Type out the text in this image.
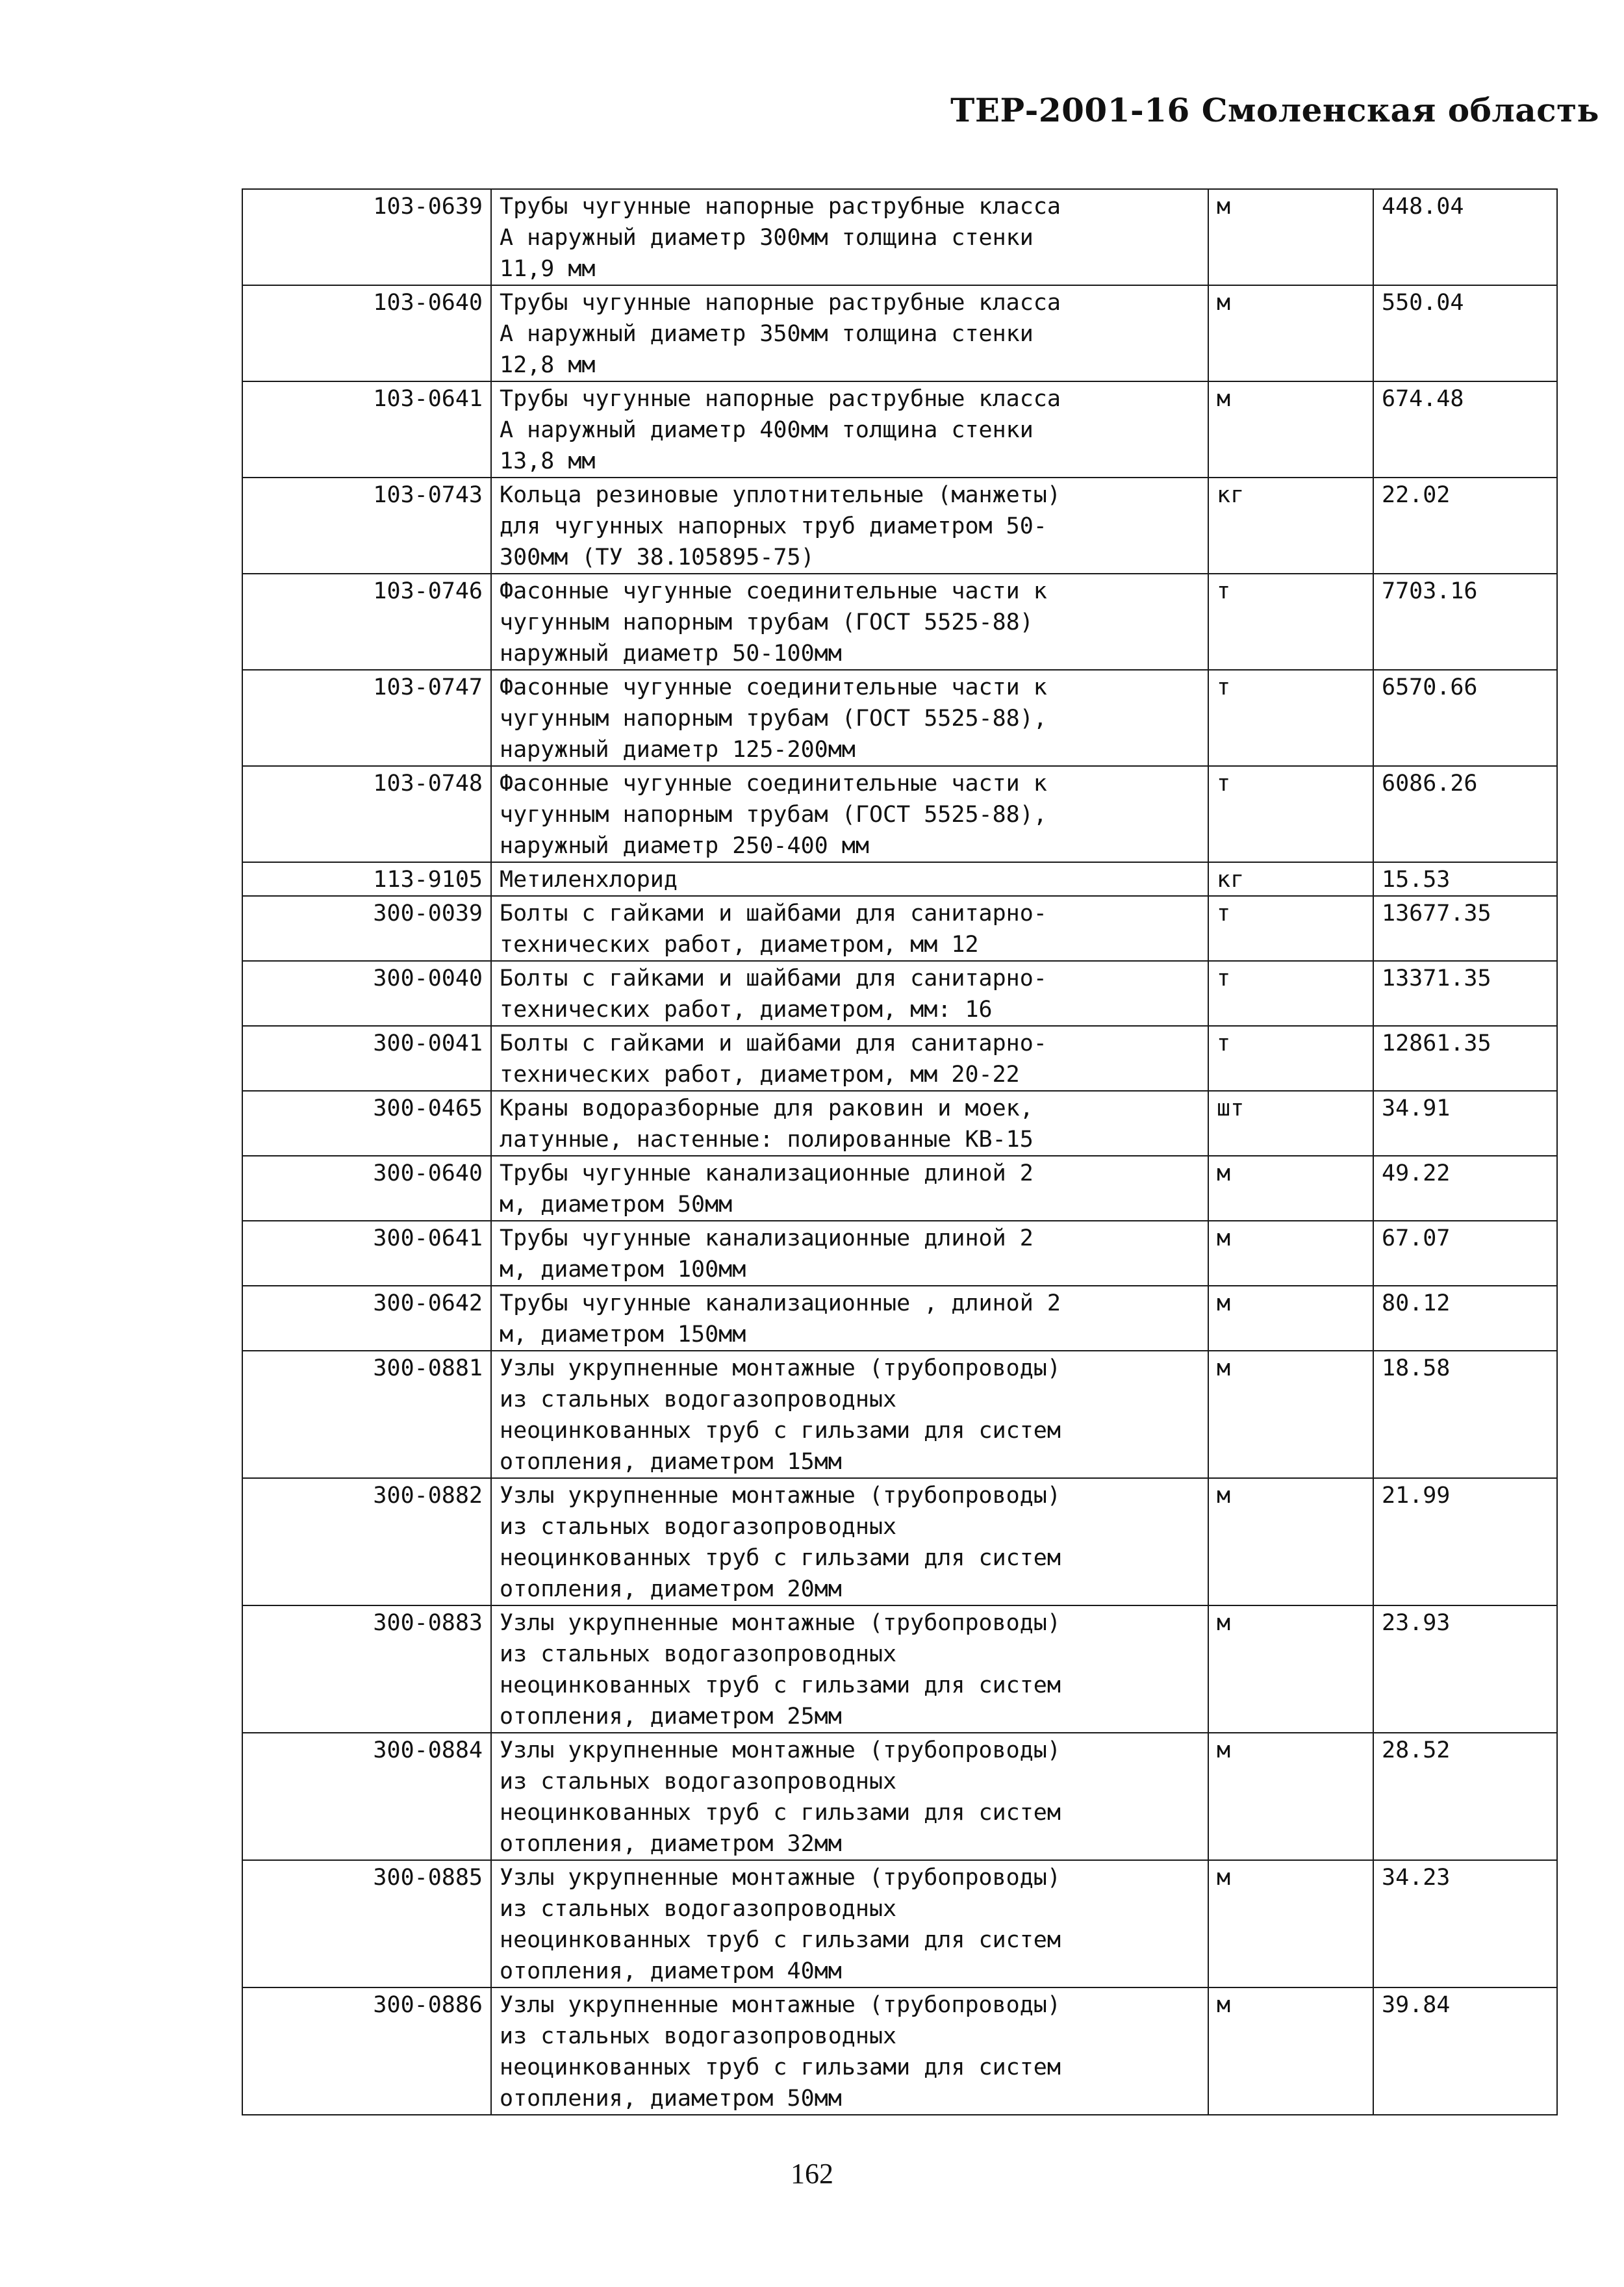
ТЕР-2001-16 Смоленская область
103-0639	Трубы чугунные напорные раструбные класса
А наружный диаметр 300мм толщина стенки
11,9 мм	м	448.04
103-0640	Трубы чугунные напорные раструбные класса
А наружный диаметр 350мм толщина стенки
12,8 мм	м	550.04
103-0641	Трубы чугунные напорные раструбные класса
А наружный диаметр 400мм толщина стенки
13,8 мм	м	674.48
103-0743	Кольца резиновые уплотнительные (манжеты)
для чугунных напорных труб диаметром 50-
300мм (ТУ 38.105895-75)	кг	22.02
103-0746	Фасонные чугунные соединительные части к
чугунным напорным трубам (ГОСТ 5525-88)
наружный диаметр 50-100мм	т	7703.16
103-0747	Фасонные чугунные соединительные части к
чугунным напорным трубам (ГОСТ 5525-88),
наружный диаметр 125-200мм	т	6570.66
103-0748	Фасонные чугунные соединительные части к
чугунным напорным трубам (ГОСТ 5525-88),
наружный диаметр 250-400 мм	т	6086.26
113-9105	Метиленхлорид	кг	15.53
300-0039	Болты с гайками и шайбами для санитарно-
технических работ, диаметром, мм 12	т	13677.35
300-0040	Болты с гайками и шайбами для санитарно-
технических работ, диаметром, мм: 16	т	13371.35
300-0041	Болты с гайками и шайбами для санитарно-
технических работ, диаметром, мм 20-22	т	12861.35
300-0465	Краны водоразборные для раковин и моек,
латунные, настенные: полированные КВ-15	шт	34.91
300-0640	Трубы чугунные канализационные длиной 2
м, диаметром 50мм	м	49.22
300-0641	Трубы чугунные канализационные длиной 2
м, диаметром 100мм	м	67.07
300-0642	Трубы чугунные канализационные , длиной 2
м, диаметром 150мм	м	80.12
300-0881	Узлы укрупненные монтажные (трубопроводы)
из стальных водогазопроводных
неоцинкованных труб с гильзами для систем
отопления, диаметром 15мм	м	18.58
300-0882	Узлы укрупненные монтажные (трубопроводы)
из стальных водогазопроводных
неоцинкованных труб с гильзами для систем
отопления, диаметром 20мм	м	21.99
300-0883	Узлы укрупненные монтажные (трубопроводы)
из стальных водогазопроводных
неоцинкованных труб с гильзами для систем
отопления, диаметром 25мм	м	23.93
300-0884	Узлы укрупненные монтажные (трубопроводы)
из стальных водогазопроводных
неоцинкованных труб с гильзами для систем
отопления, диаметром 32мм	м	28.52
300-0885	Узлы укрупненные монтажные (трубопроводы)
из стальных водогазопроводных
неоцинкованных труб с гильзами для систем
отопления, диаметром 40мм	м	34.23
300-0886	Узлы укрупненные монтажные (трубопроводы)
из стальных водогазопроводных
неоцинкованных труб с гильзами для систем
отопления, диаметром 50мм	м	39.84
162
